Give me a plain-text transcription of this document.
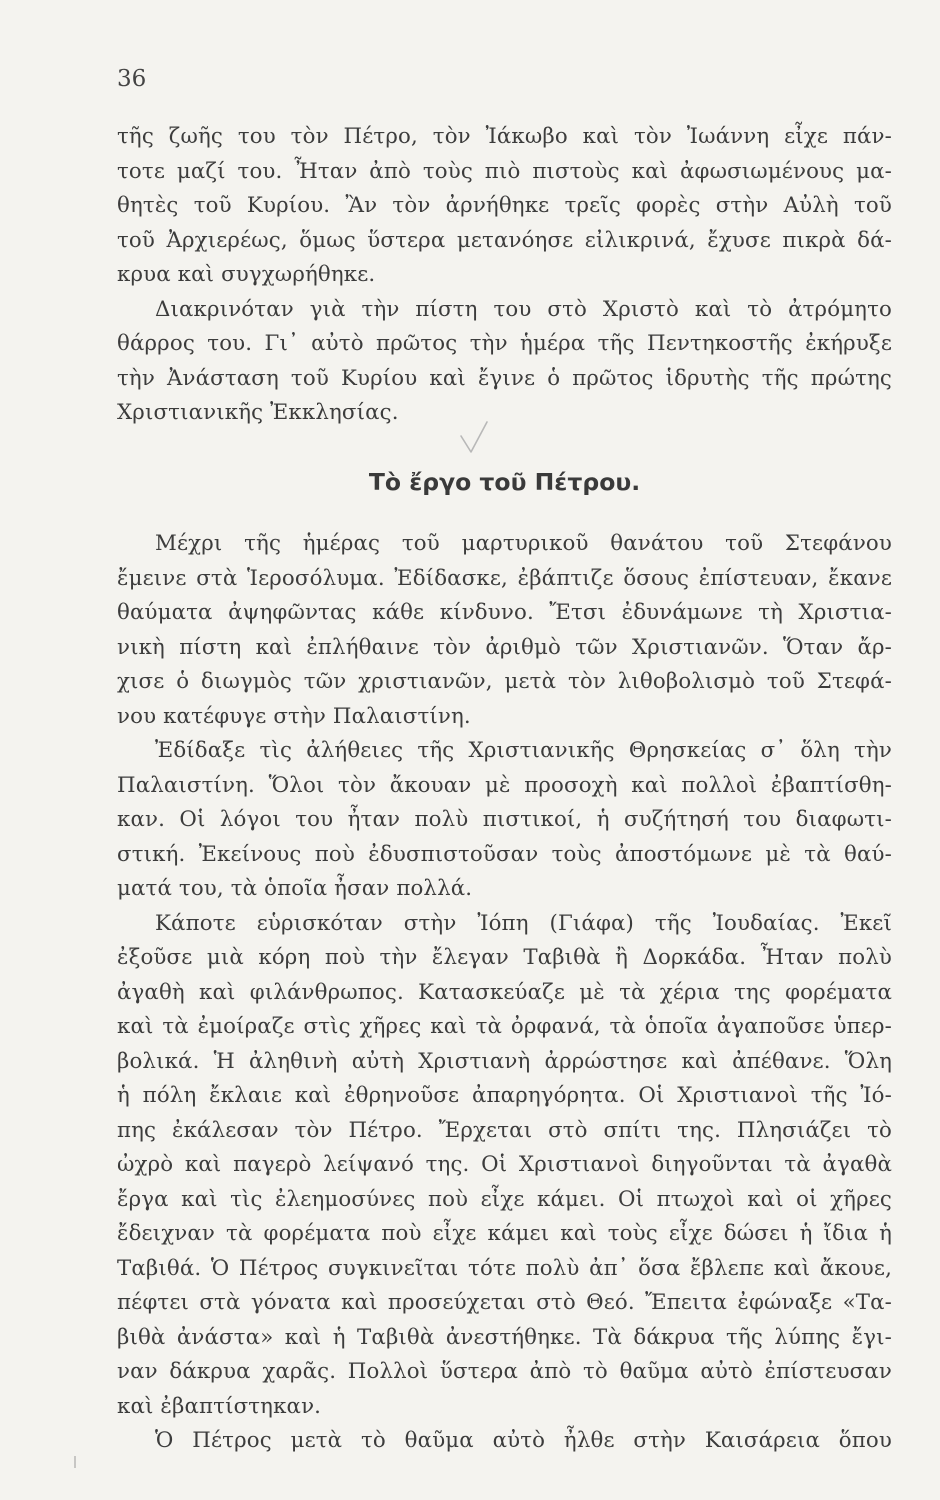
36
τῆς ζωῆς του τὸν Πέτρο, τὸν Ἰάκωβο καὶ τὸν Ἰωάννη εἶχε πάν-
τοτε μαζί του. Ἦταν ἀπὸ τοὺς πιὸ πιστοὺς καὶ ἀφωσιωμένους μα-
θητὲς τοῦ Κυρίου. Ἂν τὸν ἀρνήθηκε τρεῖς φορὲς στὴν Αὐλὴ τοῦ
τοῦ Ἀρχιερέως, ὅμως ὕστερα μετανόησε εἰλικρινά, ἔχυσε πικρὰ δά-
κρυα καὶ συγχωρήθηκε.
Διακρινόταν γιὰ τὴν πίστη του στὸ Χριστὸ καὶ τὸ ἀτρόμητο
θάρρος του. Γι᾽ αὐτὸ πρῶτος τὴν ἡμέρα τῆς Πεντηκοστῆς ἐκήρυξε
τὴν Ἀνάσταση τοῦ Κυρίου καὶ ἔγινε ὁ πρῶτος ἱδρυτὴς τῆς πρώτης
Χριστιανικῆς Ἐκκλησίας.
Τὸ ἔργο τοῦ Πέτρου.
Μέχρι τῆς ἡμέρας τοῦ μαρτυρικοῦ θανάτου τοῦ Στεφάνου
ἔμεινε στὰ Ἱεροσόλυμα. Ἐδίδασκε, ἐβάπτιζε ὅσους ἐπίστευαν, ἔκανε
θαύματα ἀψηφῶντας κάθε κίνδυνο. Ἔτσι ἐδυνάμωνε τὴ Χριστια-
νικὴ πίστη καὶ ἐπλήθαινε τὸν ἀριθμὸ τῶν Χριστιανῶν. Ὅταν ἄρ-
χισε ὁ διωγμὸς τῶν χριστιανῶν, μετὰ τὸν λιθοβολισμὸ τοῦ Στεφά-
νου κατέφυγε στὴν Παλαιστίνη.
Ἐδίδαξε τὶς ἀλήθειες τῆς Χριστιανικῆς Θρησκείας σ᾽ ὅλη τὴν
Παλαιστίνη. Ὅλοι τὸν ἄκουαν μὲ προσοχὴ καὶ πολλοὶ ἐβαπτίσθη-
καν. Οἱ λόγοι του ἦταν πολὺ πιστικοί, ἡ συζήτησή του διαφωτι-
στική. Ἐκείνους ποὺ ἐδυσπιστοῦσαν τοὺς ἀποστόμωνε μὲ τὰ θαύ-
ματά του, τὰ ὁποῖα ἦσαν πολλά.
Κάποτε εὑρισκόταν στὴν Ἰόπη (Γιάφα) τῆς Ἰουδαίας. Ἐκεῖ
ἐξοῦσε μιὰ κόρη ποὺ τὴν ἔλεγαν Ταβιθὰ ἢ Δορκάδα. Ἦταν πολὺ
ἀγαθὴ καὶ φιλάνθρωπος. Κατασκεύαζε μὲ τὰ χέρια της φορέματα
καὶ τὰ ἐμοίραζε στὶς χῆρες καὶ τὰ ὀρφανά, τὰ ὁποῖα ἀγαποῦσε ὑπερ-
βολικά. Ἡ ἀληθινὴ αὐτὴ Χριστιανὴ ἀρρώστησε καὶ ἀπέθανε. Ὅλη
ἡ πόλη ἔκλαιε καὶ ἐθρηνοῦσε ἀπαρηγόρητα. Οἱ Χριστιανοὶ τῆς Ἰό-
πης ἐκάλεσαν τὸν Πέτρο. Ἔρχεται στὸ σπίτι της. Πλησιάζει τὸ
ὠχρὸ καὶ παγερὸ λείψανό της. Οἱ Χριστιανοὶ διηγοῦνται τὰ ἀγαθὰ
ἔργα καὶ τὶς ἐλεημοσύνες ποὺ εἶχε κάμει. Οἱ πτωχοὶ καὶ οἱ χῆρες
ἔδειχναν τὰ φορέματα ποὺ εἶχε κάμει καὶ τοὺς εἶχε δώσει ἡ ἴδια ἡ
Ταβιθά. Ὁ Πέτρος συγκινεῖται τότε πολὺ ἀπ᾽ ὅσα ἔβλεπε καὶ ἄκουε,
πέφτει στὰ γόνατα καὶ προσεύχεται στὸ Θεό. Ἔπειτα ἐφώναξε «Τα-
βιθὰ ἀνάστα» καὶ ἡ Ταβιθὰ ἀνεστήθηκε. Τὰ δάκρυα τῆς λύπης ἔγι-
ναν δάκρυα χαρᾶς. Πολλοὶ ὕστερα ἀπὸ τὸ θαῦμα αὐτὸ ἐπίστευσαν
καὶ ἐβαπτίστηκαν.
Ὁ Πέτρος μετὰ τὸ θαῦμα αὐτὸ ἦλθε στὴν Καισάρεια ὅπου
